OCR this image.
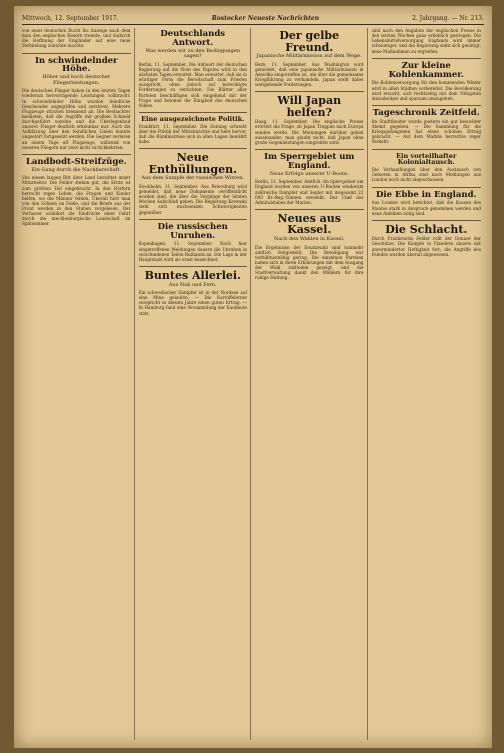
Mittwoch, 12. September 1917.	Rostocker Neueste Nachrichten	2. Jahrgang. — Nr. 213.

von einer deutschen Bucht bis Anzeige nach dem man den englischen Bauern trennte, und dadurch die Hoffnung der Engländer auf eine neue Verbindung zunichte machte.

In schwindelnder Höhe.
Höher und hoch deutscher Fliegerleistungen.

Die deutschen Flieger haben in den letzten Tagen wiederum hervorragende Leistungen vollbracht. In schwindelnder Höhe wurden feindliche Geschwader angegriffen und zerstreut. Mehrere Flugzeuge stürzten brennend ab. Die Beobachter meldeten, daß die Angriffe mit großem Schneid durchgeführt wurden und die Überlegenheit unserer Flieger deutlich erkennbar war. Auch die Aufklärung über den feindlichen Linien konnte ungestört fortgesetzt werden. Die Gegner verloren an einem Tage elf Flugzeuge, während von unseren Fliegern nur zwei nicht zurückkehrten.

Landbodt-Streifzüge.
Ein Gang durch die Nachbarschaft.

Von einem langen Ritt über Land berichtet unser Mitarbeiter. Die Felder stehen gut, die Ernte ist zum größten Teil eingebracht. In den Dörfern herrscht reges Leben, die Frauen und Kinder helfen, wo die Männer fehlen. Überall hört man von den Söhnen im Felde, und die Briefe aus der Front werden in den Stuben vorgelesen. Der Verfasser schildert die Eindrücke einer Fahrt durch die mecklenburgische Landschaft im Spätsommer.

Deutschlands Antwort.
Was werden wir zu den Bedingungen sagen?

Berlin, 11. September. Die Antwort der deutschen Regierung auf die Note des Papstes wird in den nächsten Tagen erwartet. Man erwartet, daß sie in würdiger Form die Bereitschaft zum Frieden ausspricht, ohne jedoch auf berechtigte Forderungen zu verzichten. Die Blätter aller Parteien beschäftigen sich eingehend mit der Frage und betonen die Einigkeit des deutschen Volkes.

Eine ausgezeichnete Politik.

Frankfurt, 11. September. Die Zeitung schreibt über die Politik der Mittelmächte und hebt hervor, daß die Bündnistreue sich in allen Lagen bewährt habe.

Neue Enthüllungen.
Aus dem Sumpfe der russischen Wirren.

Stockholm, 11. September. Aus Petersburg wird gemeldet, daß neue Dokumente veröffentlicht worden sind, die über die Vorgänge der letzten Wochen Aufschluß geben. Die Regierung Kerenski sieht sich wachsenden Schwierigkeiten gegenüber.

Die russischen Unruhen.

Kopenhagen, 11. September. Nach hier eingetroffenen Meldungen dauern die Unruhen in verschiedenen Teilen Rußlands an. Die Lage in der Hauptstadt wird als ernst bezeichnet.

Buntes Allerlei.
Aus Nah und Fern.

Ein schwedischer Dampfer ist in der Nordsee auf eine Mine gelaufen. — Die Kartoffelernte verspricht in diesem Jahre einen guten Ertrag. — In Hamburg fand eine Versammlung der Kaufleute statt.

Der gelbe Freund.
Japanische Militärmission auf dem Wege.

Bern, 11. September. Aus Washington wird gemeldet, daß eine japanische Militärmission in Amerika eingetroffen ist, um über die gemeinsame Kriegführung zu verhandeln. Japan stellt dabei weitgehende Forderungen.

Will Japan helfen?

Haag, 11. September. Die englische Presse erörtert die Frage, ob Japan Truppen nach Europa senden werde. Die Meinungen darüber gehen auseinander; man glaubt nicht, daß Japan ohne große Gegenleistungen eingreifen wird.

Im Sperrgebiet um England.
Neue Erfolge unserer U-Boote.

Berlin, 11. September. Amtlich. Im Sperrgebiet um England wurden von unseren U-Booten wiederum zahlreiche Dampfer und Segler mit insgesamt 22 000 Br.-Reg.-Tonnen versenkt. Der Chef des Admiralstabes der Marine.

Neues aus Kassel.
Nach den Wahlen in Kassel.

Die Ergebnisse der Ersatzwahl sind nunmehr amtlich festgestellt. Die Beteiligung war verhältnismäßig gering. Die einzelnen Parteien haben sich in ihren Erklärungen mit dem Ausgang der Wahl zufrieden gezeigt, und die Stadtverwaltung dankt den Wählern für ihre ruhige Haltung.

sind nach den Angaben der englischen Presse in den letzten Wochen ganz erheblich gestiegen. Die Lebensmittelversorgung Englands wird immer schwieriger, und die Regierung sieht sich genötigt, neue Maßnahmen zu ergreifen.

Zur kleine Kohlenkammer.

Die Kohlenversorgung für den kommenden Winter wird in allen Städten vorbereitet. Die Bevölkerung wird ersucht, sich rechtzeitig mit dem Nötigsten einzudecken und sparsam umzugehen.

Tageschronik Zeitfeld.

Im Stadttheater wurde gestern ein gut besuchter Abend gegeben. — Die Sammlung für die Kriegsgefangenen hat einen schönen Ertrag gebracht. — Auf dem Markte herrschte reger Verkehr.

Ein vorteilhafter Kolonialtausch.

Die Verhandlungen über den Austausch von Gebieten in Afrika sind nach Meldungen aus London noch nicht abgeschlossen.

Die Ebbe in England.

Aus London wird berichtet, daß die Kassen des Staates stark in Anspruch genommen werden und neue Anleihen nötig sind.

Die Schlacht.

Durch Frankreichs Felder rollt der Donner der Geschütze. Die Kämpfe in Flandern dauern mit unverminderter Heftigkeit fort; die Angriffe des Feindes wurden überall abgewiesen.
